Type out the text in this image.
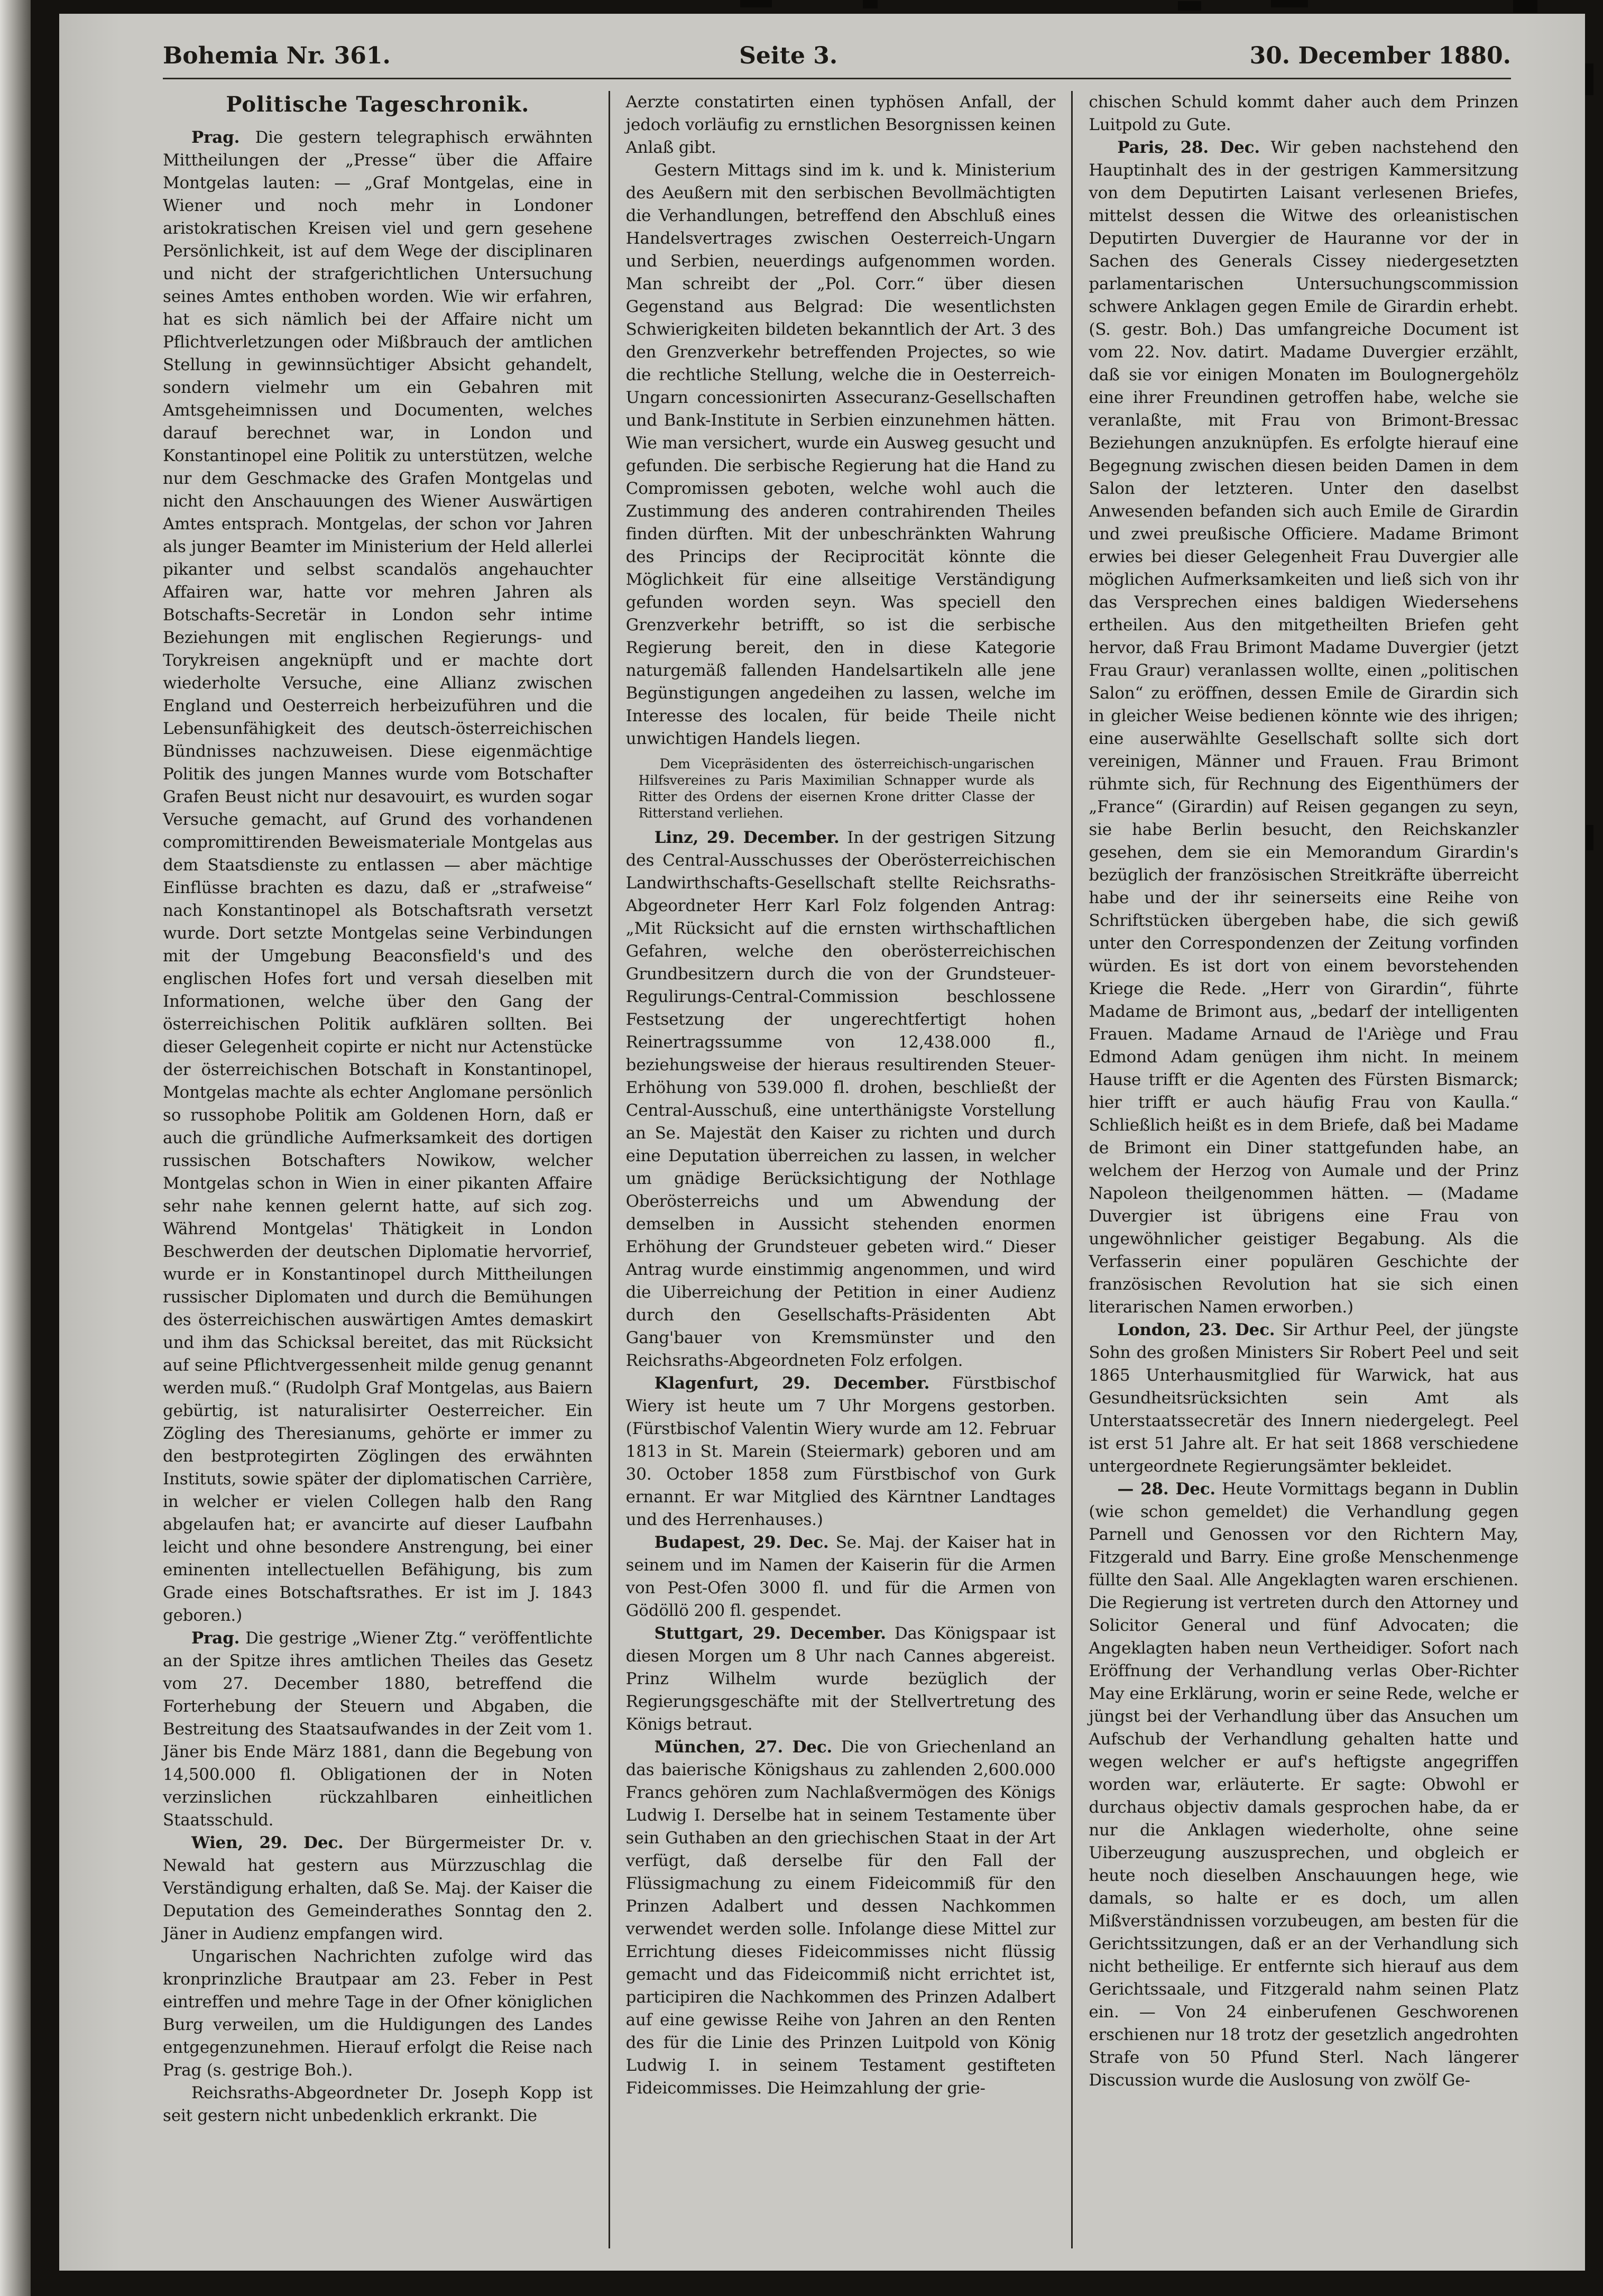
Bohemia Nr. 361.	Seite 3.	30. December 1880.
Politische Tageschronik.

Prag. Die gestern telegraphisch erwähnten Mittheilungen der „Presse“ über die Affaire Montgelas lauten: — „Graf Montgelas, eine in Wiener und noch mehr in Londoner aristokratischen Kreisen viel und gern gesehene Persönlichkeit, ist auf dem Wege der disciplinaren und nicht der strafgerichtlichen Untersuchung seines Amtes enthoben worden. Wie wir erfahren, hat es sich nämlich bei der Affaire nicht um Pflichtverletzungen oder Mißbrauch der amtlichen Stellung in gewinnsüchtiger Absicht gehandelt, sondern vielmehr um ein Gebahren mit Amtsgeheimnissen und Documenten, welches darauf berechnet war, in London und Konstantinopel eine Politik zu unterstützen, welche nur dem Geschmacke des Grafen Montgelas und nicht den Anschauungen des Wiener Auswärtigen Amtes entsprach. Montgelas, der schon vor Jahren als junger Beamter im Ministerium der Held allerlei pikanter und selbst scandalös angehauchter Affairen war, hatte vor mehren Jahren als Botschafts-Secretär in London sehr intime Beziehungen mit englischen Regierungs- und Torykreisen angeknüpft und er machte dort wiederholte Versuche, eine Allianz zwischen England und Oesterreich herbeizuführen und die Lebensunfähigkeit des deutsch-österreichischen Bündnisses nachzuweisen. Diese eigenmächtige Politik des jungen Mannes wurde vom Botschafter Grafen Beust nicht nur desavouirt, es wurden sogar Versuche gemacht, auf Grund des vorhandenen compromittirenden Beweismateriale Montgelas aus dem Staatsdienste zu entlassen — aber mächtige Einflüsse brachten es dazu, daß er „strafweise“ nach Konstantinopel als Botschaftsrath versetzt wurde. Dort setzte Montgelas seine Verbindungen mit der Umgebung Beaconsfield's und des englischen Hofes fort und versah dieselben mit Informationen, welche über den Gang der österreichischen Politik aufklären sollten. Bei dieser Gelegenheit copirte er nicht nur Actenstücke der österreichischen Botschaft in Konstantinopel, Montgelas machte als echter Anglomane persönlich so russophobe Politik am Goldenen Horn, daß er auch die gründliche Aufmerksamkeit des dortigen russischen Botschafters Nowikow, welcher Montgelas schon in Wien in einer pikanten Affaire sehr nahe kennen gelernt hatte, auf sich zog. Während Montgelas' Thätigkeit in London Beschwerden der deutschen Diplomatie hervorrief, wurde er in Konstantinopel durch Mittheilungen russischer Diplomaten und durch die Bemühungen des österreichischen auswärtigen Amtes demaskirt und ihm das Schicksal bereitet, das mit Rücksicht auf seine Pflichtvergessenheit milde genug genannt werden muß.“ (Rudolph Graf Montgelas, aus Baiern gebürtig, ist naturalisirter Oesterreicher. Ein Zögling des Theresianums, gehörte er immer zu den bestprotegirten Zöglingen des erwähnten Instituts, sowie später der diplomatischen Carrière, in welcher er vielen Collegen halb den Rang abgelaufen hat; er avancirte auf dieser Laufbahn leicht und ohne besondere Anstrengung, bei einer eminenten intellectuellen Befähigung, bis zum Grade eines Botschaftsrathes. Er ist im J. 1843 geboren.)

Prag. Die gestrige „Wiener Ztg.“ veröffentlichte an der Spitze ihres amtlichen Theiles das Gesetz vom 27. December 1880, betreffend die Forterhebung der Steuern und Abgaben, die Bestreitung des Staatsaufwandes in der Zeit vom 1. Jäner bis Ende März 1881, dann die Begebung von 14,500.000 fl. Obligationen der in Noten verzinslichen rückzahlbaren einheitlichen Staatsschuld.

Wien, 29. Dec. Der Bürgermeister Dr. v. Newald hat gestern aus Mürzzuschlag die Verständigung erhalten, daß Se. Maj. der Kaiser die Deputation des Gemeinderathes Sonntag den 2. Jäner in Audienz empfangen wird.

Ungarischen Nachrichten zufolge wird das kronprinzliche Brautpaar am 23. Feber in Pest eintreffen und mehre Tage in der Ofner königlichen Burg verweilen, um die Huldigungen des Landes entgegenzunehmen. Hierauf erfolgt die Reise nach Prag (s. gestrige Boh.).

Reichsraths-Abgeordneter Dr. Joseph Kopp ist seit gestern nicht unbedenklich erkrankt. Die

Aerzte constatirten einen typhösen Anfall, der jedoch vorläufig zu ernstlichen Besorgnissen keinen Anlaß gibt.

Gestern Mittags sind im k. und k. Ministerium des Aeußern mit den serbischen Bevollmächtigten die Verhandlungen, betreffend den Abschluß eines Handelsvertrages zwischen Oesterreich-Ungarn und Serbien, neuerdings aufgenommen worden. Man schreibt der „Pol. Corr.“ über diesen Gegenstand aus Belgrad: Die wesentlichsten Schwierigkeiten bildeten bekanntlich der Art. 3 des den Grenzverkehr betreffenden Projectes, so wie die rechtliche Stellung, welche die in Oesterreich-Ungarn concessionirten Assecuranz-Gesellschaften und Bank-Institute in Serbien einzunehmen hätten. Wie man versichert, wurde ein Ausweg gesucht und gefunden. Die serbische Regierung hat die Hand zu Compromissen geboten, welche wohl auch die Zustimmung des anderen contrahirenden Theiles finden dürften. Mit der unbeschränkten Wahrung des Princips der Reciprocität könnte die Möglichkeit für eine allseitige Verständigung gefunden worden seyn. Was speciell den Grenzverkehr betrifft, so ist die serbische Regierung bereit, den in diese Kategorie naturgemäß fallenden Handelsartikeln alle jene Begünstigungen angedeihen zu lassen, welche im Interesse des localen, für beide Theile nicht unwichtigen Handels liegen.

Dem Vicepräsidenten des österreichisch-ungarischen Hilfsvereines zu Paris Maximilian Schnapper wurde als Ritter des Ordens der eisernen Krone dritter Classe der Ritterstand verliehen.

Linz, 29. December. In der gestrigen Sitzung des Central-Ausschusses der Oberösterreichischen Landwirthschafts-Gesellschaft stellte Reichsraths-Abgeordneter Herr Karl Folz folgenden Antrag: „Mit Rücksicht auf die ernsten wirthschaftlichen Gefahren, welche den oberösterreichischen Grundbesitzern durch die von der Grundsteuer-Regulirungs-Central-Commission beschlossene Festsetzung der ungerechtfertigt hohen Reinertragssumme von 12,438.000 fl., beziehungsweise der hieraus resultirenden Steuer-Erhöhung von 539.000 fl. drohen, beschließt der Central-Ausschuß, eine unterthänigste Vorstellung an Se. Majestät den Kaiser zu richten und durch eine Deputation überreichen zu lassen, in welcher um gnädige Berücksichtigung der Nothlage Oberösterreichs und um Abwendung der demselben in Aussicht stehenden enormen Erhöhung der Grundsteuer gebeten wird.“ Dieser Antrag wurde einstimmig angenommen, und wird die Uiberreichung der Petition in einer Audienz durch den Gesellschafts-Präsidenten Abt Gang'bauer von Kremsmünster und den Reichsraths-Abgeordneten Folz erfolgen.

Klagenfurt, 29. December. Fürstbischof Wiery ist heute um 7 Uhr Morgens gestorben. (Fürstbischof Valentin Wiery wurde am 12. Februar 1813 in St. Marein (Steiermark) geboren und am 30. October 1858 zum Fürstbischof von Gurk ernannt. Er war Mitglied des Kärntner Landtages und des Herrenhauses.)

Budapest, 29. Dec. Se. Maj. der Kaiser hat in seinem und im Namen der Kaiserin für die Armen von Pest-Ofen 3000 fl. und für die Armen von Gödöllö 200 fl. gespendet.

Stuttgart, 29. December. Das Königspaar ist diesen Morgen um 8 Uhr nach Cannes abgereist. Prinz Wilhelm wurde bezüglich der Regierungsgeschäfte mit der Stellvertretung des Königs betraut.

München, 27. Dec. Die von Griechenland an das baierische Königshaus zu zahlenden 2,600.000 Francs gehören zum Nachlaßvermögen des Königs Ludwig I. Derselbe hat in seinem Testamente über sein Guthaben an den griechischen Staat in der Art verfügt, daß derselbe für den Fall der Flüssigmachung zu einem Fideicommiß für den Prinzen Adalbert und dessen Nachkommen verwendet werden solle. Infolange diese Mittel zur Errichtung dieses Fideicommisses nicht flüssig gemacht und das Fideicommiß nicht errichtet ist, participiren die Nachkommen des Prinzen Adalbert auf eine gewisse Reihe von Jahren an den Renten des für die Linie des Prinzen Luitpold von König Ludwig I. in seinem Testament gestifteten Fideicommisses. Die Heimzahlung der grie-

chischen Schuld kommt daher auch dem Prinzen Luitpold zu Gute.

Paris, 28. Dec. Wir geben nachstehend den Hauptinhalt des in der gestrigen Kammersitzung von dem Deputirten Laisant verlesenen Briefes, mittelst dessen die Witwe des orleanistischen Deputirten Duvergier de Hauranne vor der in Sachen des Generals Cissey niedergesetzten parlamentarischen Untersuchungscommission schwere Anklagen gegen Emile de Girardin erhebt. (S. gestr. Boh.) Das umfangreiche Document ist vom 22. Nov. datirt. Madame Duvergier erzählt, daß sie vor einigen Monaten im Boulognergehölz eine ihrer Freundinen getroffen habe, welche sie veranlaßte, mit Frau von Brimont-Bressac Beziehungen anzuknüpfen. Es erfolgte hierauf eine Begegnung zwischen diesen beiden Damen in dem Salon der letzteren. Unter den daselbst Anwesenden befanden sich auch Emile de Girardin und zwei preußische Officiere. Madame Brimont erwies bei dieser Gelegenheit Frau Duvergier alle möglichen Aufmerksamkeiten und ließ sich von ihr das Versprechen eines baldigen Wiedersehens ertheilen. Aus den mitgetheilten Briefen geht hervor, daß Frau Brimont Madame Duvergier (jetzt Frau Graur) veranlassen wollte, einen „politischen Salon“ zu eröffnen, dessen Emile de Girardin sich in gleicher Weise bedienen könnte wie des ihrigen; eine auserwählte Gesellschaft sollte sich dort vereinigen, Männer und Frauen. Frau Brimont rühmte sich, für Rechnung des Eigenthümers der „France“ (Girardin) auf Reisen gegangen zu seyn, sie habe Berlin besucht, den Reichskanzler gesehen, dem sie ein Memorandum Girardin's bezüglich der französischen Streitkräfte überreicht habe und der ihr seinerseits eine Reihe von Schriftstücken übergeben habe, die sich gewiß unter den Correspondenzen der Zeitung vorfinden würden. Es ist dort von einem bevorstehenden Kriege die Rede. „Herr von Girardin“, führte Madame de Brimont aus, „bedarf der intelligenten Frauen. Madame Arnaud de l'Ariège und Frau Edmond Adam genügen ihm nicht. In meinem Hause trifft er die Agenten des Fürsten Bismarck; hier trifft er auch häufig Frau von Kaulla.“ Schließlich heißt es in dem Briefe, daß bei Madame de Brimont ein Diner stattgefunden habe, an welchem der Herzog von Aumale und der Prinz Napoleon theilgenommen hätten. — (Madame Duvergier ist übrigens eine Frau von ungewöhnlicher geistiger Begabung. Als die Verfasserin einer populären Geschichte der französischen Revolution hat sie sich einen literarischen Namen erworben.)

London, 23. Dec. Sir Arthur Peel, der jüngste Sohn des großen Ministers Sir Robert Peel und seit 1865 Unterhausmitglied für Warwick, hat aus Gesundheitsrücksichten sein Amt als Unterstaatssecretär des Innern niedergelegt. Peel ist erst 51 Jahre alt. Er hat seit 1868 verschiedene untergeordnete Regierungsämter bekleidet.

— 28. Dec. Heute Vormittags begann in Dublin (wie schon gemeldet) die Verhandlung gegen Parnell und Genossen vor den Richtern May, Fitzgerald und Barry. Eine große Menschenmenge füllte den Saal. Alle Angeklagten waren erschienen. Die Regierung ist vertreten durch den Attorney und Solicitor General und fünf Advocaten; die Angeklagten haben neun Vertheidiger. Sofort nach Eröffnung der Verhandlung verlas Ober-Richter May eine Erklärung, worin er seine Rede, welche er jüngst bei der Verhandlung über das Ansuchen um Aufschub der Verhandlung gehalten hatte und wegen welcher er auf's heftigste angegriffen worden war, erläuterte. Er sagte: Obwohl er durchaus objectiv damals gesprochen habe, da er nur die Anklagen wiederholte, ohne seine Uiberzeugung auszusprechen, und obgleich er heute noch dieselben Anschauungen hege, wie damals, so halte er es doch, um allen Mißverständnissen vorzubeugen, am besten für die Gerichtssitzungen, daß er an der Verhandlung sich nicht betheilige. Er entfernte sich hierauf aus dem Gerichtssaale, und Fitzgerald nahm seinen Platz ein. — Von 24 einberufenen Geschworenen erschienen nur 18 trotz der gesetzlich angedrohten Strafe von 50 Pfund Sterl. Nach längerer Discussion wurde die Auslosung von zwölf Ge-
